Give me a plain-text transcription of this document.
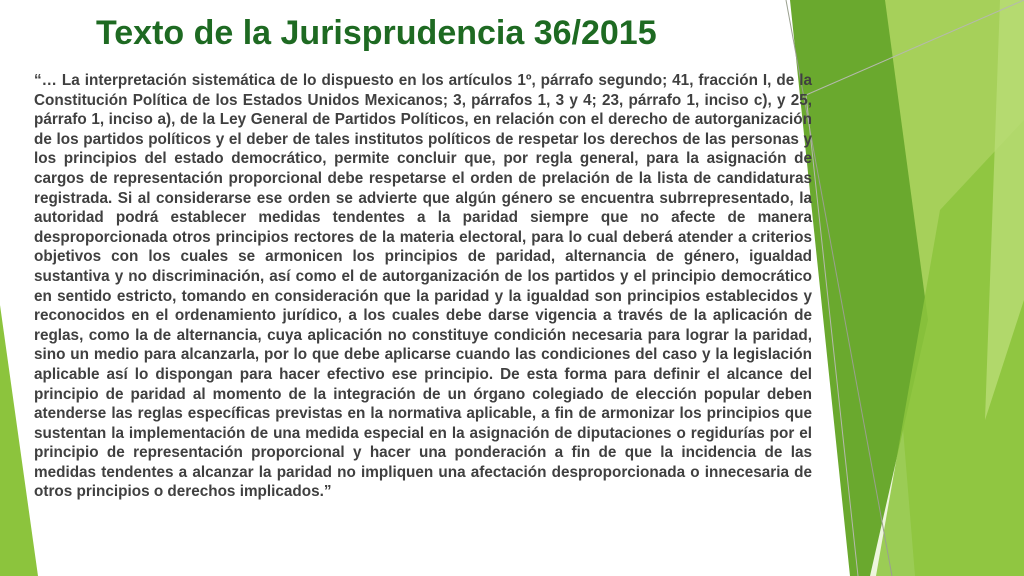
Texto de la Jurisprudencia 36/2015

“… La interpretación sistemática de lo dispuesto en los artículos 1º, párrafo segundo; 41, fracción I, de la Constitución Política de los Estados Unidos Mexicanos; 3, párrafos 1, 3 y 4; 23, párrafo 1, inciso c), y 25, párrafo 1, inciso a), de la Ley General de Partidos Políticos, en relación con el derecho de autorganización de los partidos políticos y el deber de tales institutos políticos de respetar los derechos de las personas y los principios del estado democrático, permite concluir que, por regla general, para la asignación de cargos de representación proporcional debe respetarse el orden de prelación de la lista de candidaturas registrada. Si al considerarse ese orden se advierte que algún género se encuentra subrrepresentado, la autoridad podrá establecer medidas tendentes a la paridad siempre que no afecte de manera desproporcionada otros principios rectores de la materia electoral, para lo cual deberá atender a criterios objetivos con los cuales se armonicen los principios de paridad, alternancia de género, igualdad sustantiva y no discriminación, así como el de autorganización de los partidos y el principio democrático en sentido estricto, tomando en consideración que la paridad y la igualdad son principios establecidos y reconocidos en el ordenamiento jurídico, a los cuales debe darse vigencia a través de la aplicación de reglas, como la de alternancia, cuya aplicación no constituye condición necesaria para lograr la paridad, sino un medio para alcanzarla, por lo que debe aplicarse cuando las condiciones del caso y la legislación aplicable así lo dispongan para hacer efectivo ese principio. De esta forma para definir el alcance del principio de paridad al momento de la integración de un órgano colegiado de elección popular deben atenderse las reglas específicas previstas en la normativa aplicable, a fin de armonizar los principios que sustentan la implementación de una medida especial en la asignación de diputaciones o regidurías por el principio de representación proporcional y hacer una ponderación a fin de que la incidencia de las medidas tendentes a alcanzar la paridad no impliquen una afectación desproporcionada o innecesaria de otros principios o derechos implicados.”
